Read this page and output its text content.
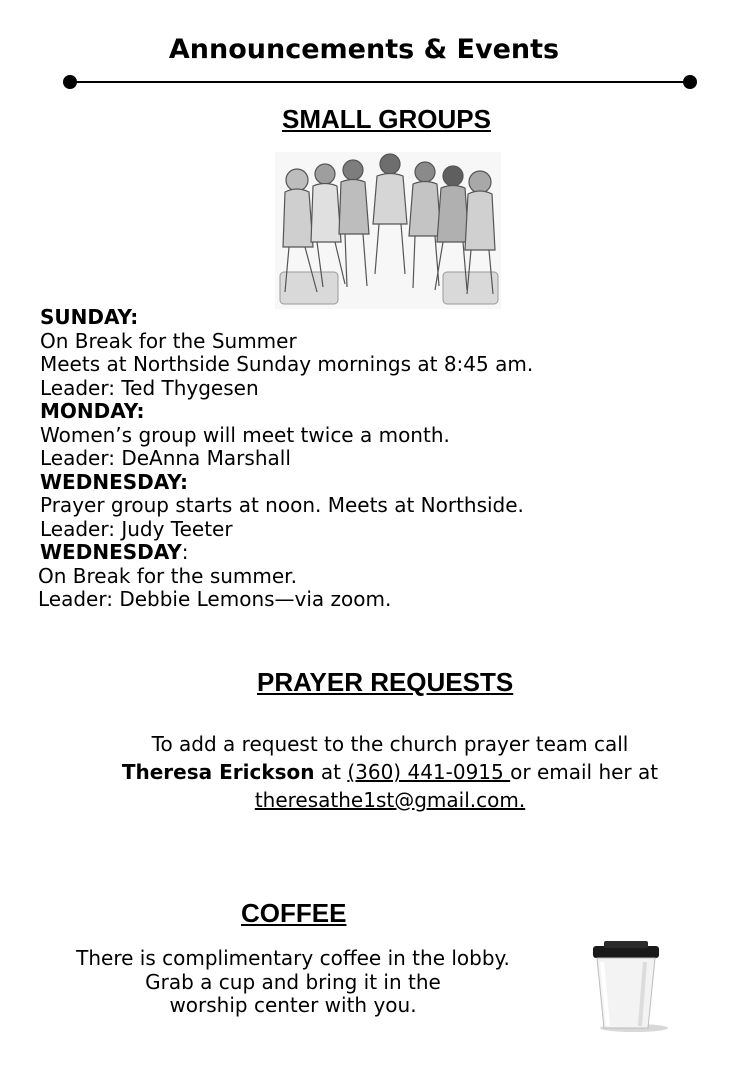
Announcements & Events
SMALL GROUPS
SUNDAY:
On Break for the Summer
Meets at Northside Sunday mornings at 8:45 am.
Leader: Ted Thygesen
MONDAY:
Women’s group will meet twice a month.
Leader: DeAnna Marshall
WEDNESDAY:
Prayer group starts at noon. Meets at Northside.
Leader: Judy Teeter
WEDNESDAY:
On Break for the summer.
Leader: Debbie Lemons—via zoom.
PRAYER REQUESTS
To add a request to the church prayer team call
Theresa Erickson at (360) 441-0915 or email her at
theresathe1st@gmail.com.
COFFEE
There is complimentary coffee in the lobby.
Grab a cup and bring it in the
worship center with you.
